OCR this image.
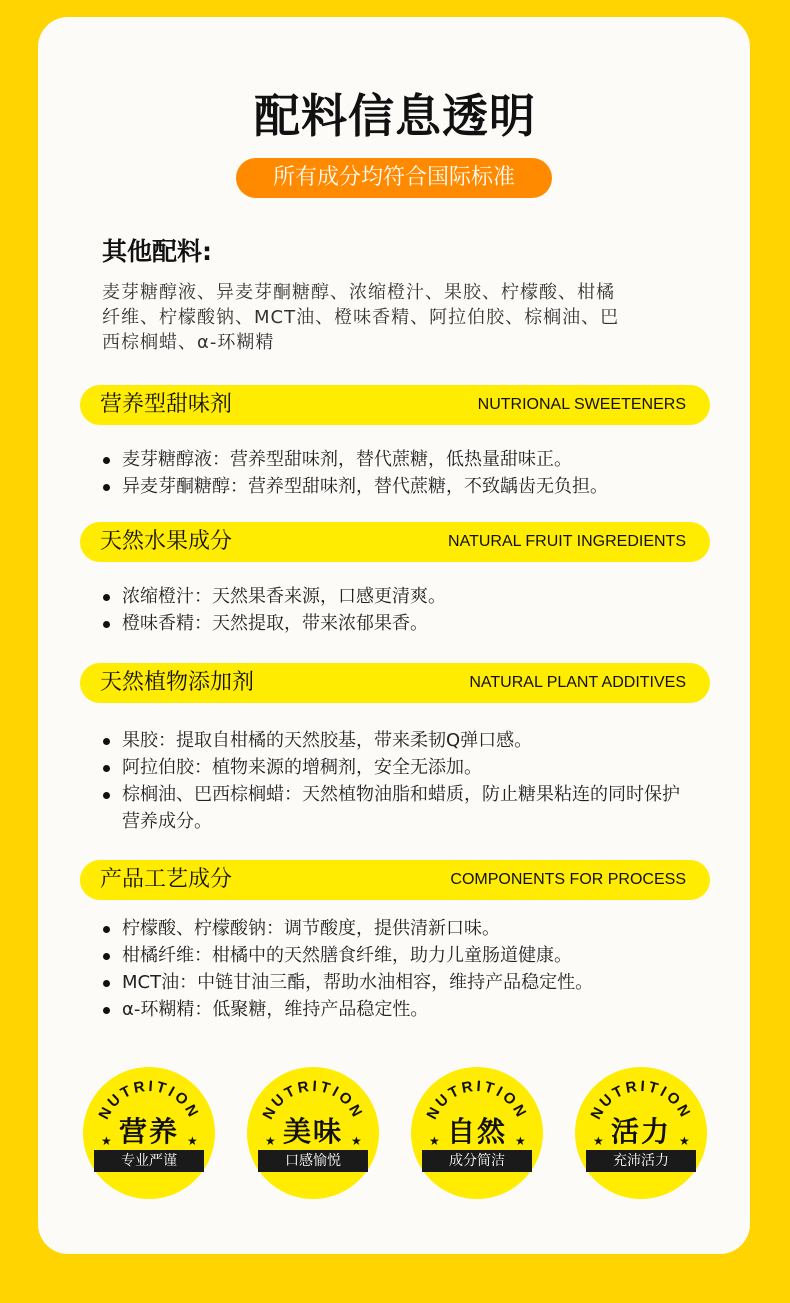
配料信息透明
所有成分均符合国际标准
其他配料:
麦芽糖醇液、异麦芽酮糖醇、浓缩橙汁、果胶、柠檬酸、柑橘
纤维、柠檬酸钠、MCT油、橙味香精、阿拉伯胶、棕榈油、巴
西棕榈蜡、α-环糊精
营养型甜味剂	NUTRIONAL SWEETENERS
麦芽糖醇液：营养型甜味剂，替代蔗糖，低热量甜味正。
异麦芽酮糖醇：营养型甜味剂，替代蔗糖，不致龋齿无负担。
天然水果成分	NATURAL FRUIT INGREDIENTS
浓缩橙汁：天然果香来源，口感更清爽。
橙味香精：天然提取，带来浓郁果香。
天然植物添加剂	NATURAL PLANT ADDITIVES
果胶：提取自柑橘的天然胶基，带来柔韧Q弹口感。
阿拉伯胶：植物来源的增稠剂，安全无添加。
棕榈油、巴西棕榈蜡：天然植物油脂和蜡质，防止糖果粘连的同时保护营养成分。
产品工艺成分	COMPONENTS FOR PROCESS
柠檬酸、柠檬酸钠：调节酸度，提供清新口味。
柑橘纤维：柑橘中的天然膳食纤维，助力儿童肠道健康。
MCT油：中链甘油三酯，帮助水油相容，维持产品稳定性。
α-环糊精：低聚糖，维持产品稳定性。
NUTRITION
★	★
营养
专业严谨
NUTRITION
★	★
美味
口感愉悦
NUTRITION
★	★
自然
成分简洁
NUTRITION
★	★
活力
充沛活力
